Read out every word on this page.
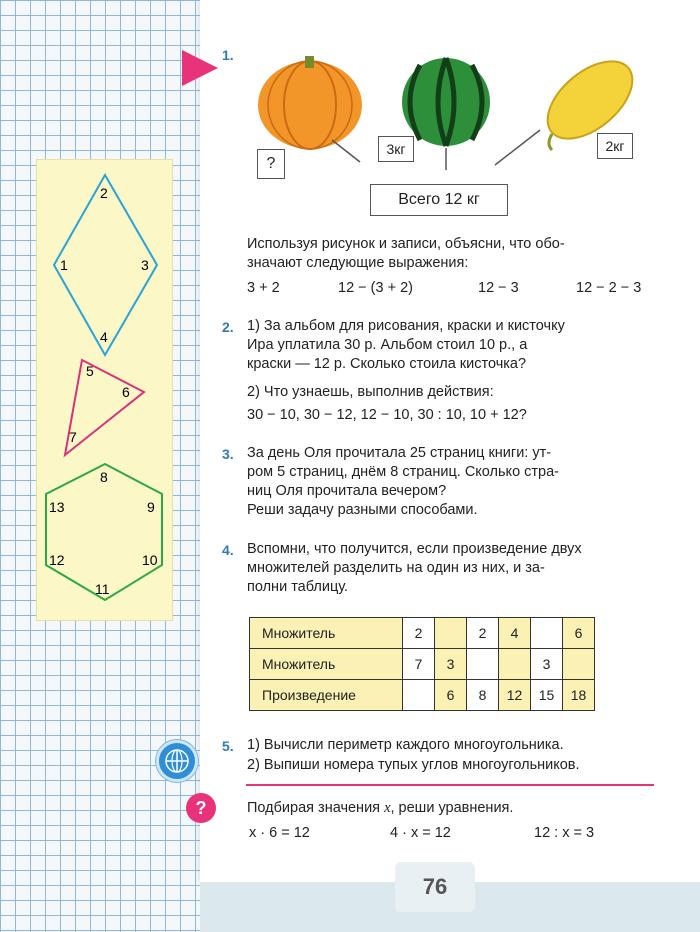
2
1	3
4
5
6
7
8
13	9
12	10
11
1.
?
3кг	2кг
Всего 12 кг
Используя рисунок и записи, объясни, что обо-
значают следующие выражения:
3 + 2	12 − (3 + 2)	12 − 3	12 − 2 − 3
2. 1) За альбом для рисования, краски и кисточку
Ира уплатила 30 р. Альбом стоил 10 р., а
краски — 12 р. Сколько стоила кисточка?
2) Что узнаешь, выполнив действия:
30 − 10, 30 − 12, 12 − 10, 30 : 10, 10 + 12?
3. За день Оля прочитала 25 страниц книги: ут-
ром 5 страниц, днём 8 страниц. Сколько стра-
ниц Оля прочитала вечером?
Реши задачу разными способами.
4. Вспомни, что получится, если произведение двух
множителей разделить на один из них, и за-
полни таблицу.
Множитель	2		2	4		6
Множитель	7	3			3	
Произведение		6	8	12	15	18
5. 1) Вычисли периметр каждого многоугольника.
2) Выпиши номера тупых углов многоугольников.
?	Подбирая значения x, реши уравнения.
x · 6 = 12	4 · x = 12	12 : x = 3
76
